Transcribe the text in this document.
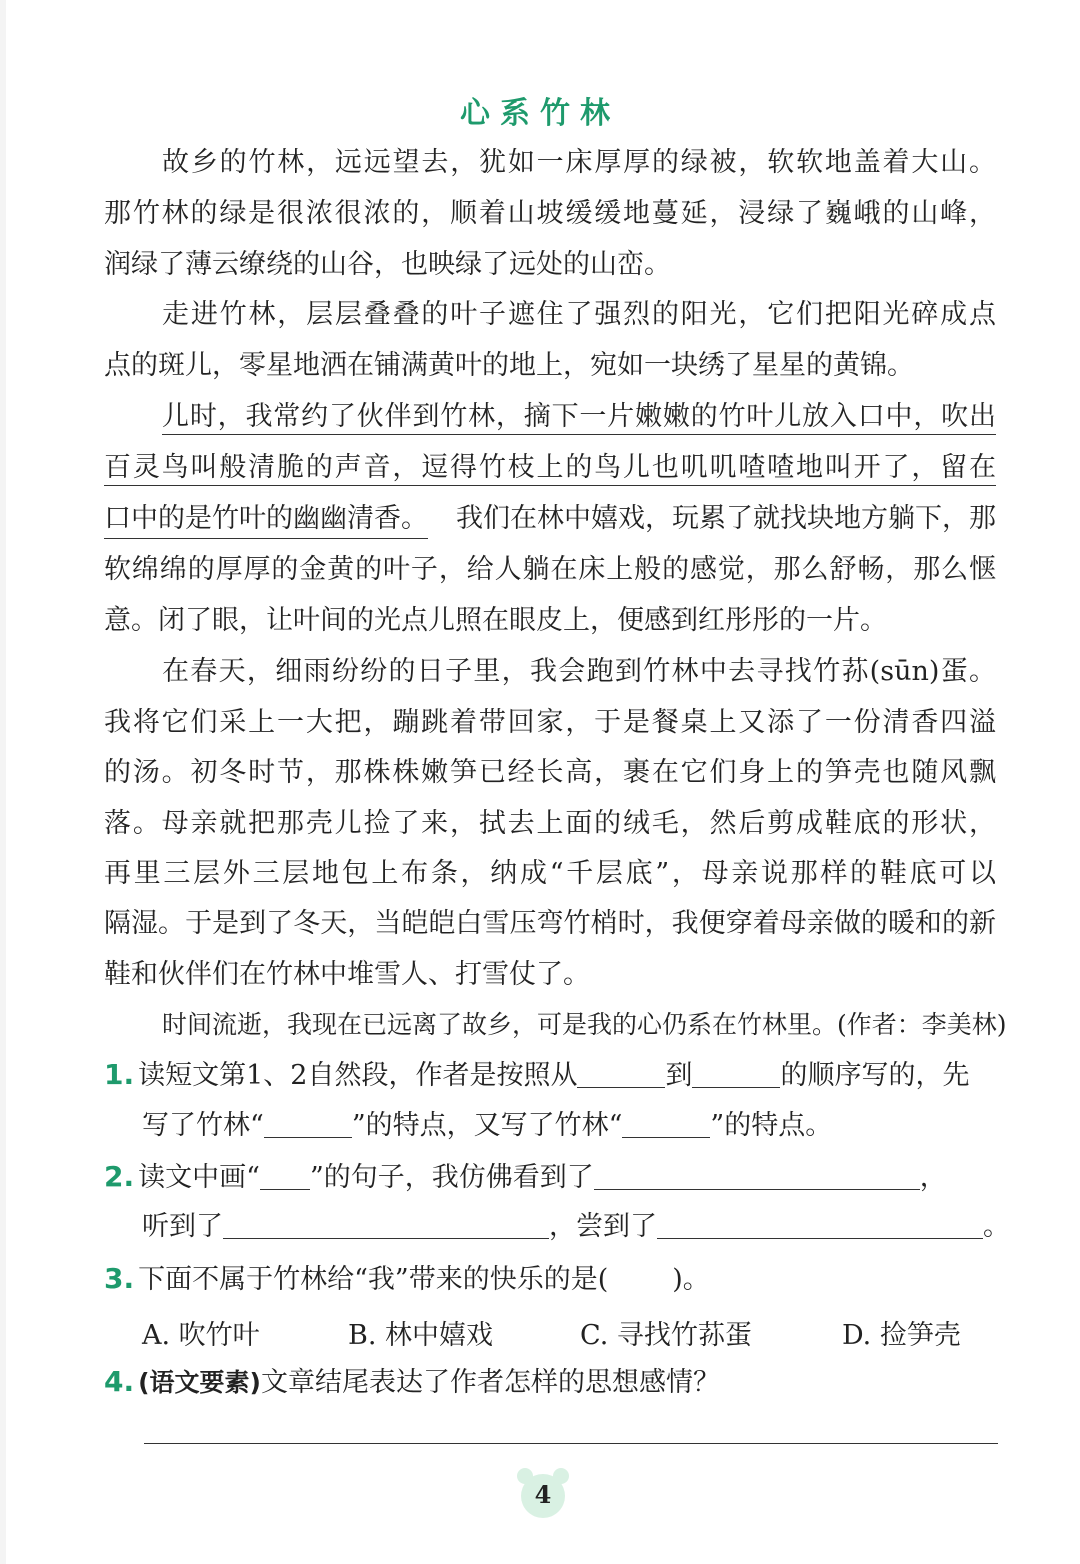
心系竹林
故乡的竹林，远远望去，犹如一床厚厚的绿被，软软地盖着大山。
那竹林的绿是很浓很浓的，顺着山坡缓缓地蔓延，浸绿了巍峨的山峰，
润绿了薄云缭绕的山谷，也映绿了远处的山峦。
走进竹林，层层叠叠的叶子遮住了强烈的阳光，它们把阳光碎成点
点的斑儿，零星地洒在铺满黄叶的地上，宛如一块绣了星星的黄锦。
儿时，我常约了伙伴到竹林，摘下一片嫩嫩的竹叶儿放入口中，吹出
百灵鸟叫般清脆的声音，逗得竹枝上的鸟儿也叽叽喳喳地叫开了，留在
口中的是竹叶的幽幽清香。 我们在林中嬉戏，玩累了就找块地方躺下，那
软绵绵的厚厚的金黄的叶子，给人躺在床上般的感觉，那么舒畅，那么惬
意。闭了眼，让叶间的光点儿照在眼皮上，便感到红彤彤的一片。
在春天，细雨纷纷的日子里，我会跑到竹林中去寻找竹荪(sūn)蛋。
我将它们采上一大把，蹦跳着带回家，于是餐桌上又添了一份清香四溢
的汤。初冬时节，那株株嫩笋已经长高，裹在它们身上的笋壳也随风飘
落。母亲就把那壳儿捡了来，拭去上面的绒毛，然后剪成鞋底的形状，
再里三层外三层地包上布条，纳成“千层底”，母亲说那样的鞋底可以
隔湿。于是到了冬天，当皑皑白雪压弯竹梢时，我便穿着母亲做的暖和的新
鞋和伙伴们在竹林中堆雪人、打雪仗了。
时间流逝，我现在已远离了故乡，可是我的心仍系在竹林里。(作者：李美林)
1. 读短文第1、2自然段，作者是按照从	到	的顺序写的，先
写了竹林“	”的特点，又写了竹林“	”的特点。
2. 读文中画“ ”的句子，我仿佛看到了	，
听到了	，尝到了	。
3. 下面不属于竹林给“我”带来的快乐的是( )。
A. 吹竹叶	B. 林中嬉戏	C. 寻找竹荪蛋	D. 捡笋壳
4. (语文要素)文章结尾表达了作者怎样的思想感情？
4
